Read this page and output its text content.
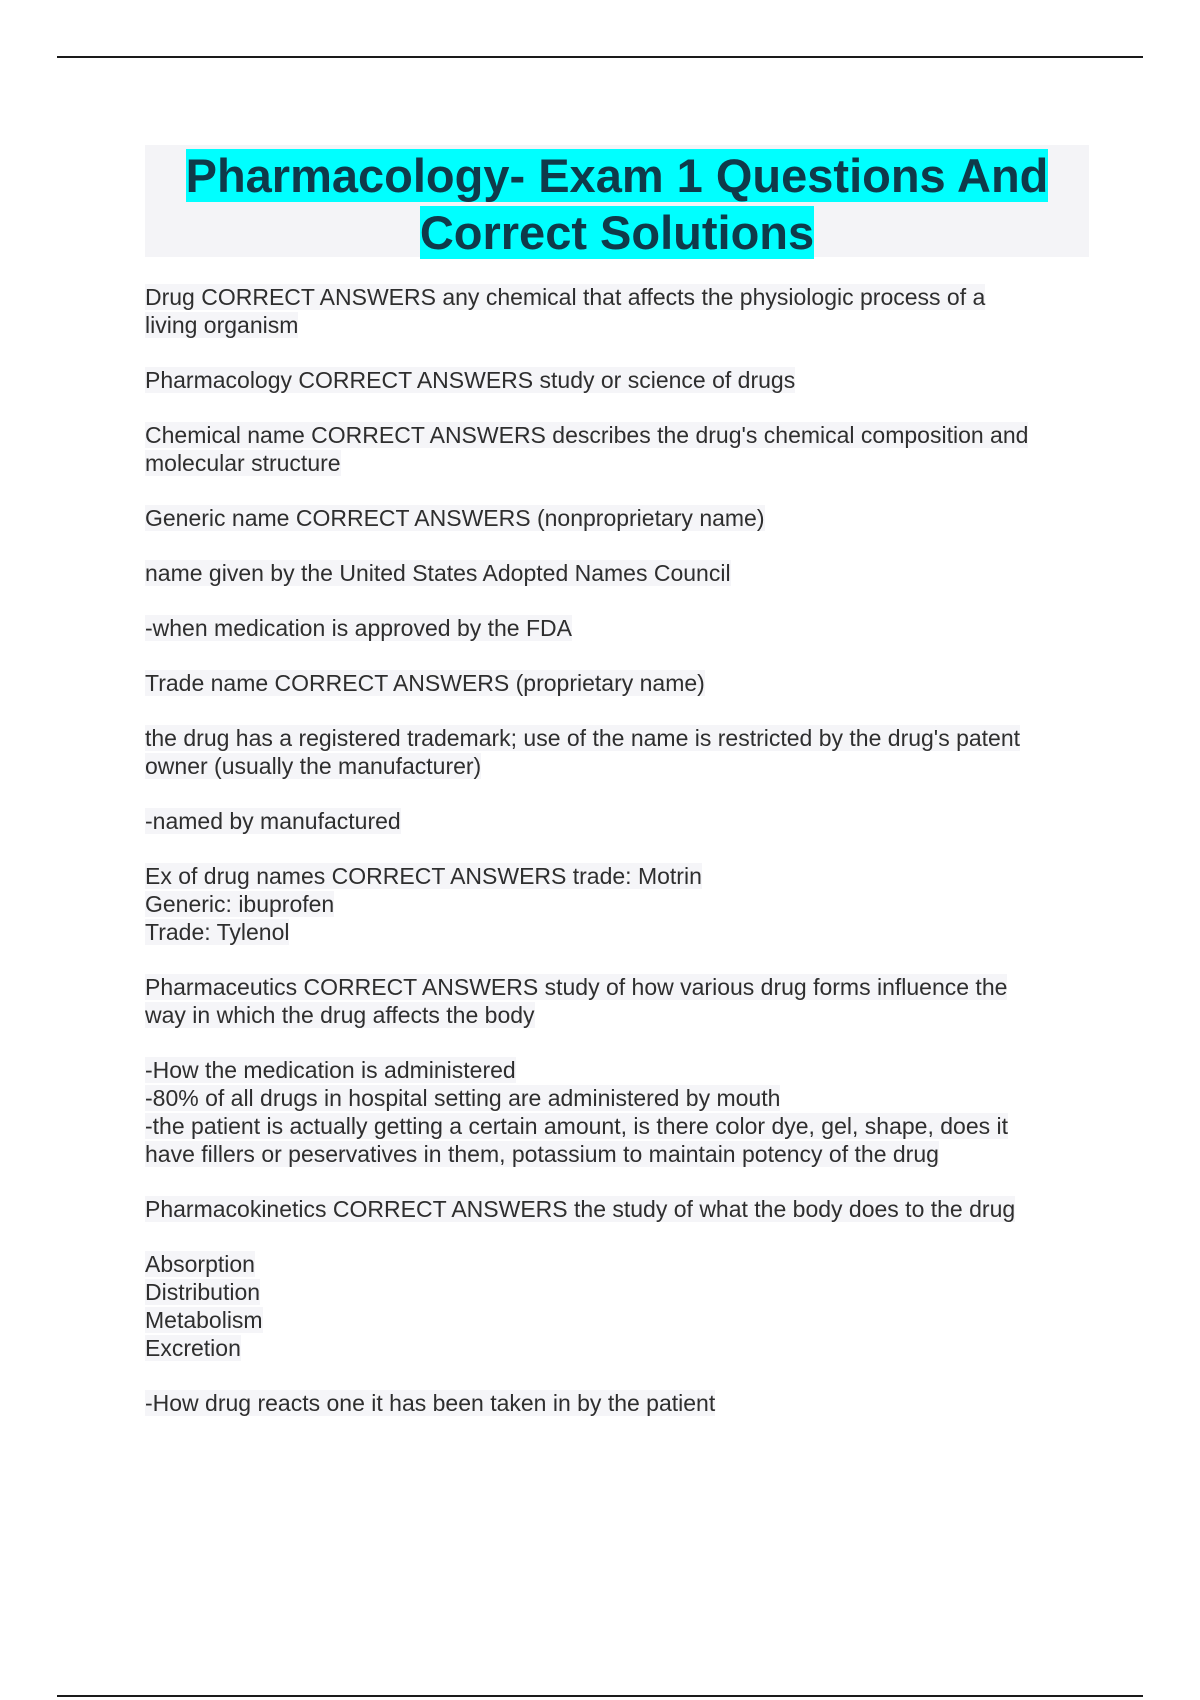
Pharmacology- Exam 1 Questions And
Correct Solutions

Drug CORRECT ANSWERS any chemical that affects the physiologic process of a
living organism

Pharmacology CORRECT ANSWERS study or science of drugs

Chemical name CORRECT ANSWERS describes the drug's chemical composition and
molecular structure

Generic name CORRECT ANSWERS (nonproprietary name)

name given by the United States Adopted Names Council

-when medication is approved by the FDA

Trade name CORRECT ANSWERS (proprietary name)

the drug has a registered trademark; use of the name is restricted by the drug's patent
owner (usually the manufacturer)

-named by manufactured

Ex of drug names CORRECT ANSWERS trade: Motrin
Generic: ibuprofen
Trade: Tylenol

Pharmaceutics CORRECT ANSWERS study of how various drug forms influence the
way in which the drug affects the body

-How the medication is administered
-80% of all drugs in hospital setting are administered by mouth
-the patient is actually getting a certain amount, is there color dye, gel, shape, does it
have fillers or peservatives in them, potassium to maintain potency of the drug

Pharmacokinetics CORRECT ANSWERS the study of what the body does to the drug

Absorption
Distribution
Metabolism
Excretion

-How drug reacts one it has been taken in by the patient
